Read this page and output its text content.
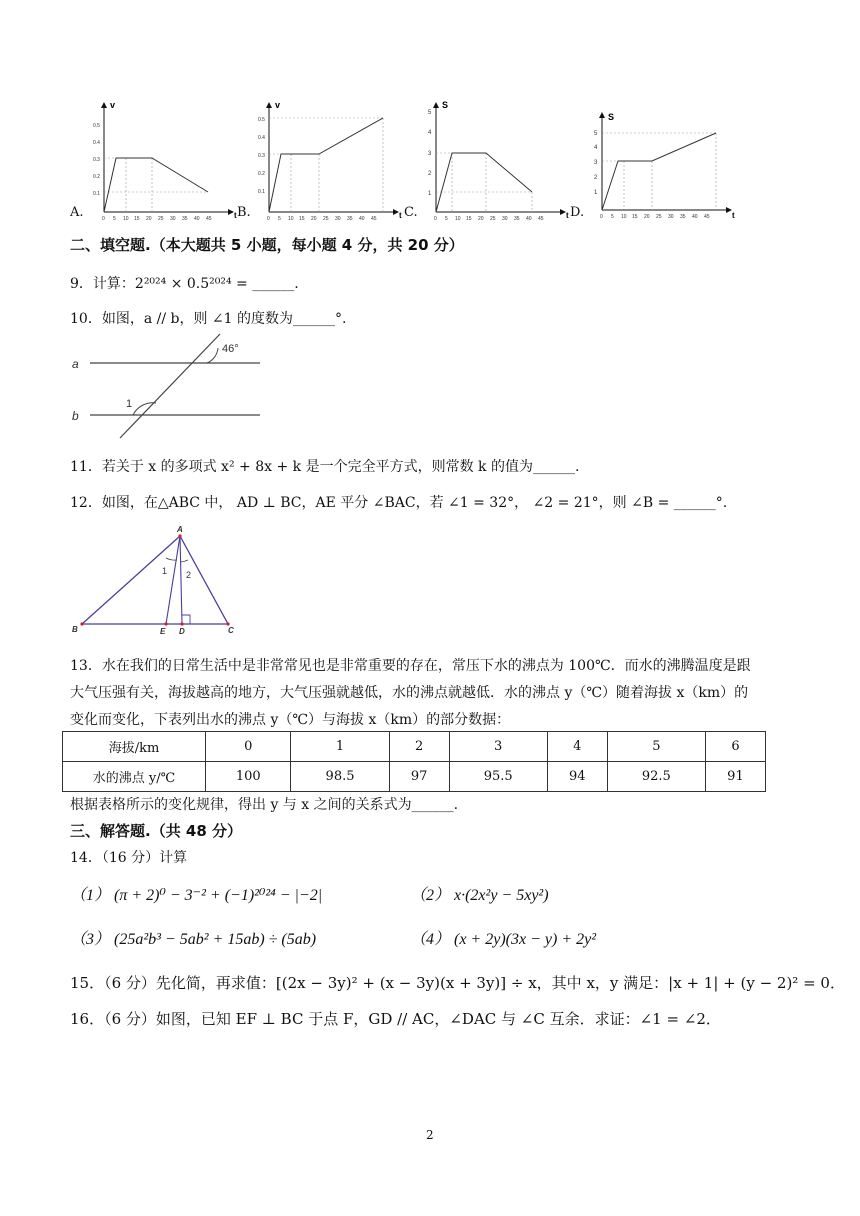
A.
v
0.5
0.4
0.3
0.2
0.1
0 5 10 15 20 25 30 35 40 45	t B.
v
0.5
0.4
0.3
0.2
0.1
0 5 10 15 20 25 30 35 40 45	t C.
S
5
4
3
2
1
0 5 10 15 20 25 30 35 40 45	t D.
S
5
4
3
2
1
0 5 10 15 20 25 30 35 40 45	t
二、填空题.（本大题共 5 小题，每小题 4 分，共 20 分）
9．计算：2²⁰²⁴ × 0.5²⁰²⁴ = ______.
10．如图，a // b，则 ∠1 的度数为______°.
a
b
46°
1
11．若关于 x 的多项式 x² + 8x + k 是一个完全平方式，则常数 k 的值为______.
12．如图，在△ABC 中， AD ⊥ BC，AE 平分 ∠BAC，若 ∠1 = 32°， ∠2 = 21°，则 ∠B = ______°.
A
B	C
E D
1 2
13．水在我们的日常生活中是非常常见也是非常重要的存在，常压下水的沸点为 100℃．而水的沸腾温度是跟
大气压强有关，海拔越高的地方，大气压强就越低，水的沸点就越低．水的沸点 y（℃）随着海拔 x（km）的
变化而变化，下表列出水的沸点 y（℃）与海拔 x（km）的部分数据：
海拔/km	0	1	2	3	4	5	6
水的沸点 y/℃	100	98.5	97	95.5	94	92.5	91
根据表格所示的变化规律，得出 y 与 x 之间的关系式为______.
三、解答题.（共 48 分）
14．（16 分）计算
（1） (π + 2)⁰ − 3⁻² + (−1)²⁰²⁴ − |−2|	（2） x·(2x²y − 5xy²)
（3） (25a²b³ − 5ab² + 15ab) ÷ (5ab)	（4） (x + 2y)(3x − y) + 2y²
15．（6 分）先化简，再求值：[(2x − 3y)² + (x − 3y)(x + 3y)] ÷ x，其中 x，y 满足：|x + 1| + (y − 2)² = 0．
16．（6 分）如图，已知 EF ⊥ BC 于点 F，GD // AC，∠DAC 与 ∠C 互余．求证：∠1 = ∠2．
2
